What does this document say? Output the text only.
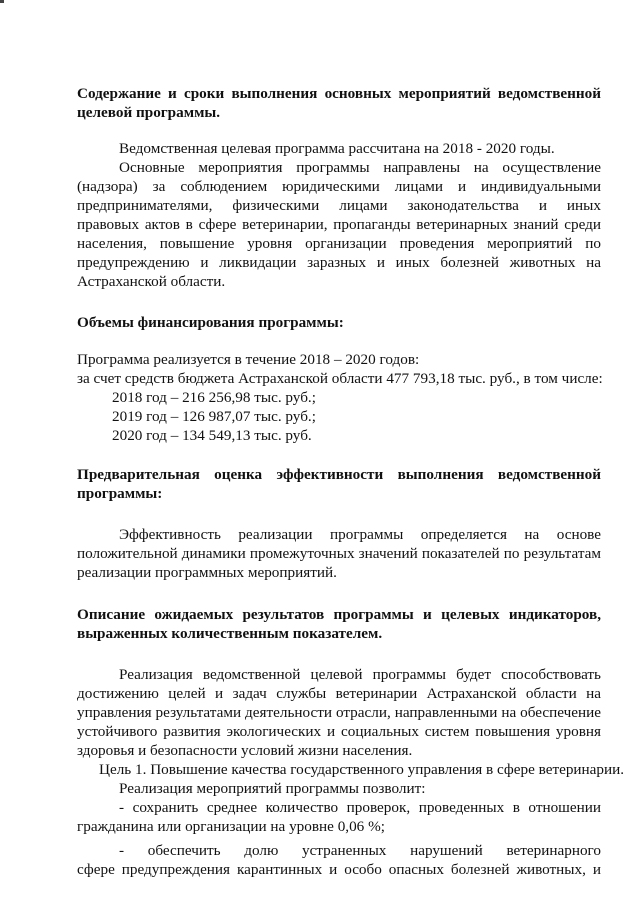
Содержание и сроки выполнения основных мероприятий ведомственной
целевой программы.
Ведомственная целевая программа рассчитана на 2018 - 2020 годы.
Основные мероприятия программы направлены на осуществление
(надзора) за соблюдением юридическими лицами и индивидуальными
предпринимателями, физическими лицами законодательства и иных
правовых актов в сфере ветеринарии, пропаганды ветеринарных знаний среди
населения, повышение уровня организации проведения мероприятий по
предупреждению и ликвидации заразных и иных болезней животных на
Астраханской области.
Объемы финансирования программы:
Программа реализуется в течение 2018 – 2020 годов:
за счет средств бюджета Астраханской области 477 793,18 тыс. руб., в том числе:
2018 год – 216 256,98 тыс. руб.;
2019 год – 126 987,07 тыс. руб.;
2020 год – 134 549,13 тыс. руб.
Предварительная оценка эффективности выполнения ведомственной
программы:
Эффективность реализации программы определяется на основе
положительной динамики промежуточных значений показателей по результатам
реализации программных мероприятий.
Описание ожидаемых результатов программы и целевых индикаторов,
выраженных количественным показателем.
Реализация ведомственной целевой программы будет способствовать
достижению целей и задач службы ветеринарии Астраханской области на
управления результатами деятельности отрасли, направленными на обеспечение
устойчивого развития экологических и социальных систем повышения уровня
здоровья и безопасности условий жизни населения.
Цель 1. Повышение качества государственного управления в сфере ветеринарии.
Реализация мероприятий программы позволит:
- сохранить среднее количество проверок, проведенных в отношении
гражданина или организации на уровне 0,06 %;
- обеспечить долю устраненных нарушений ветеринарного
сфере предупреждения карантинных и особо опасных болезней животных, и
